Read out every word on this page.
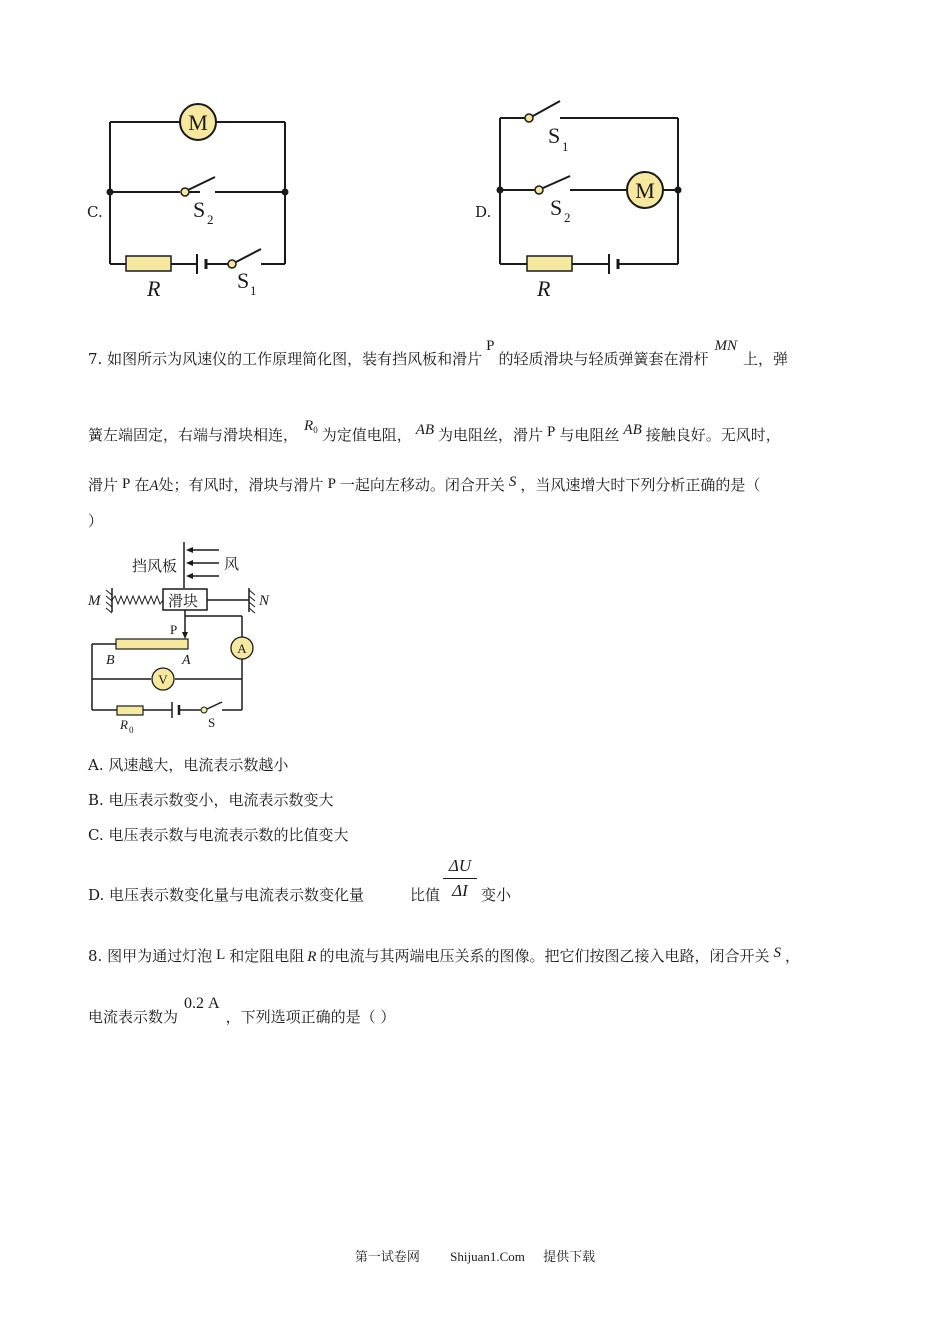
C.
M
S 2
R	S 1
D.
S 1
S 2
M
R
7. 如图所示为风速仪的工作原理简化图，装有挡风板和滑片P的轻质滑块与轻质弹簧套在滑杆MN上，弹
簧左端固定，右端与滑块相连， $R^0$ 为定值电阻， AB 为电阻丝，滑片 P 与电阻丝 AB 接触良好。无风时，
滑片 P 在A处；有风时，滑块与滑片 P 一起向左移动。闭合开关 S ，当风速增大时下列分析正确的是（
）
挡风板	风
滑块
M	N
P
B	A
A
V
R 0	S
A. 风速越大，电流表示数越小
B. 电压表示数变小，电流表示数变大
C. 电压表示数与电流表示数的比值变大
D. 电压表示数变化量与电流表示数变化量	比值
ΔU
ΔI 变小
8. 图甲为通过灯泡 L 和定阻电阻 R 的电流与其两端电压关系的图像。把它们按图乙接入电路，闭合开关 S ，
电流表示数为0.2 A，下列选项正确的是（ ）
第一试卷网 Shijuan1.Com 提供下载
